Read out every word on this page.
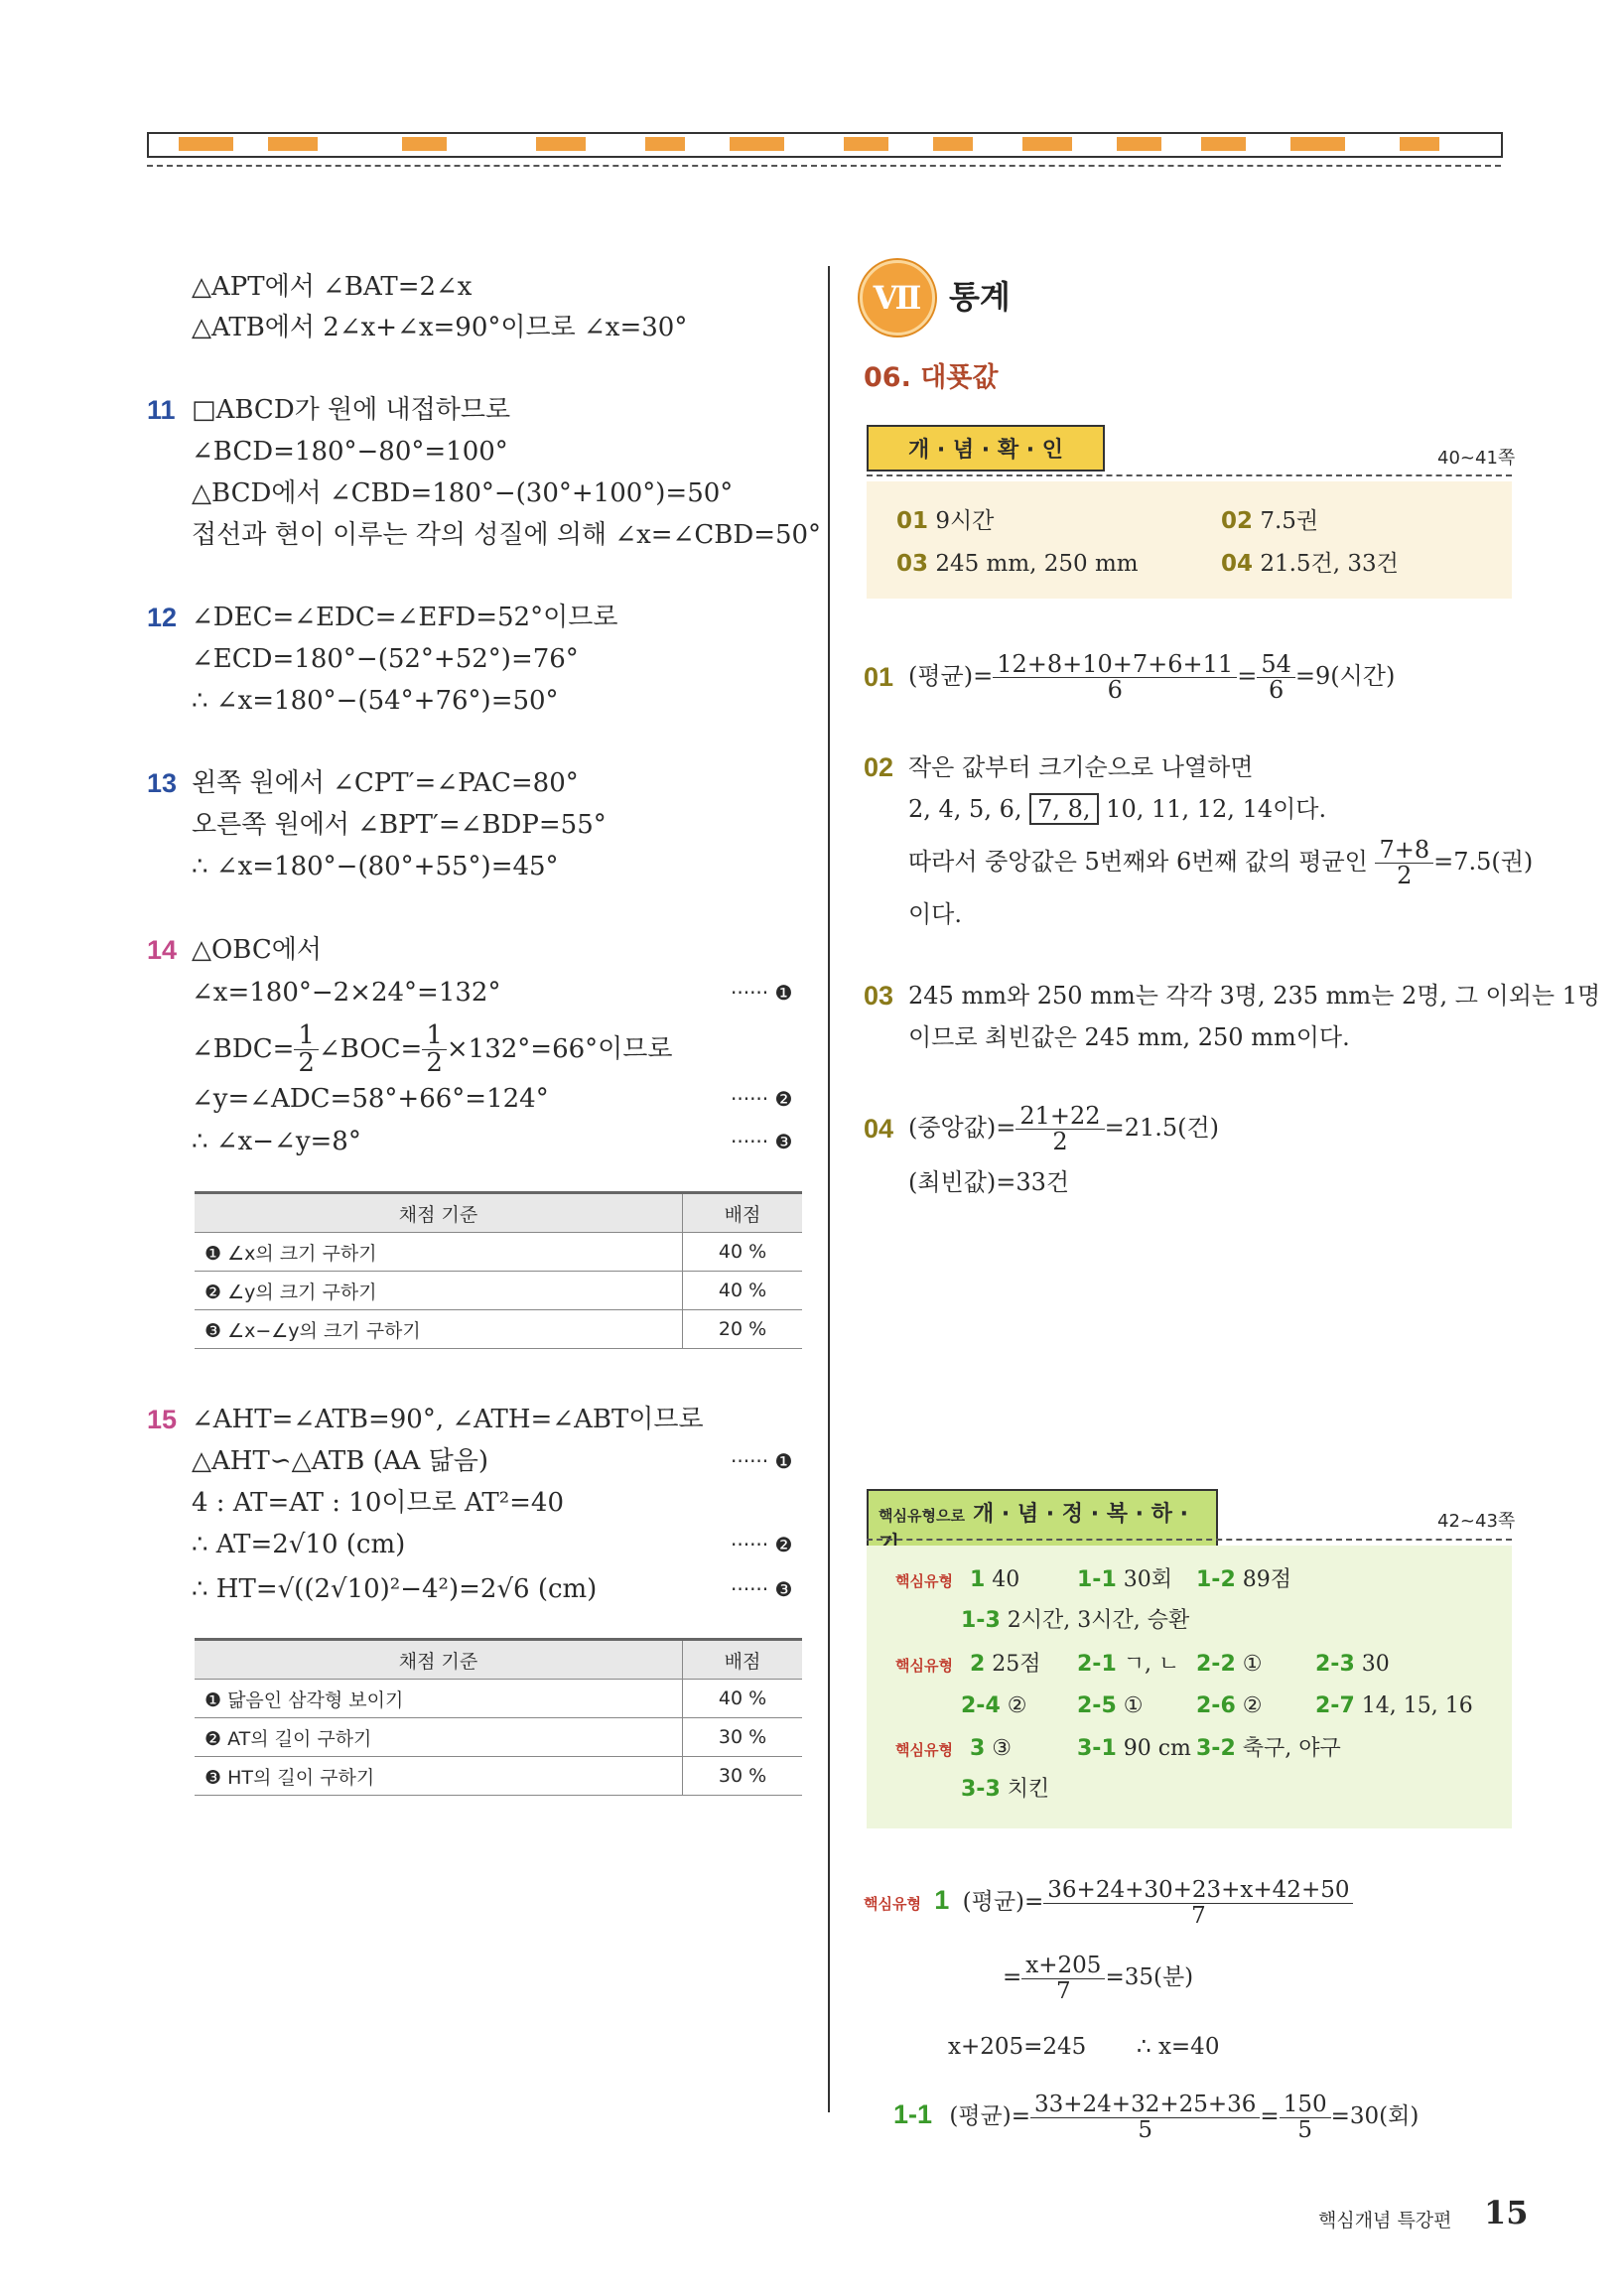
△APT에서 ∠BAT=2∠x
△ATB에서 2∠x+∠x=90°이므로 ∠x=30°
11 □ABCD가 원에 내접하므로
∠BCD=180°−80°=100°
△BCD에서 ∠CBD=180°−(30°+100°)=50°
접선과 현이 이루는 각의 성질에 의해 ∠x=∠CBD=50°
12 ∠DEC=∠EDC=∠EFD=52°이므로
∠ECD=180°−(52°+52°)=76°
∴ ∠x=180°−(54°+76°)=50°
13 왼쪽 원에서 ∠CPT′=∠PAC=80°
오른쪽 원에서 ∠BPT′=∠BDP=55°
∴ ∠x=180°−(80°+55°)=45°
14 △OBC에서
∠x=180°−2×24°=132°	······ ❶
∠BDC= $\frac{1}{2}$ ∠BOC= $\frac{1}{2} \times 132^\circ=66^\circ$이므로
∠y=∠ADC=58°+66°=124°	······ ❷
∴ ∠x−∠y=8°	······ ❸
채점 기준	배점
❶ ∠x의 크기 구하기	40 %
❷ ∠y의 크기 구하기	40 %
❸ ∠x−∠y의 크기 구하기	20 %
15 ∠AHT=∠ATB=90°, ∠ATH=∠ABT이므로
△AHT∽△ATB (AA 닮음)	······ ❶
4 : AT=AT : 10이므로 AT²=40
∴ AT=2√10 (cm)	······ ❷
∴ HT=√((2√10)²−4²)=2√6 (cm)	······ ❸
채점 기준	배점
❶ 닮음인 삼각형 보이기	40 %
❷ AT의 길이 구하기	30 %
❸ HT의 길이 구하기	30 %
Ⅶ 통계
06. 대푯값
개 · 념 · 확 · 인	40~41쪽
01 9시간	02 7.5권
03 245 mm, 250 mm	04 21.5건, 33건
01 (평균)= $\frac{12+8+10+7+6+11}{6} = \frac{54}{6} =9$(시간)
02 작은 값부터 크기순으로 나열하면
2, 4, 5, 6, 7, 8, 10, 11, 12, 14이다.
따라서 중앙값은 5번째와 6번째 값의 평균인 $\frac{7+8}{2} =7.5$(권)
이다.
03 245 mm와 250 mm는 각각 3명, 235 mm는 2명, 그 이외는 1명
이므로 최빈값은 245 mm, 250 mm이다.
04 (중앙값)= $\frac{21+22}{2} =21.5$(건)
(최빈값)=33건
핵심유형으로 개 · 념 · 정 · 복 · 하 ·	42~43쪽
핵심유형 1 40	1-1 30회 1-2 89점
1-3 2시간, 3시간, 승환
핵심유형 2 25점 2-1 ㄱ, ㄴ 2-2 ① 2-3 30
2-4 ② 2-5 ① 2-6 ② 2-7 14, 15, 16
핵심유형 3 ③	3-1 90 cm 3-2 축구, 야구
3-3 치킨
핵심유형 1 (평균)= $\frac{36+24+30+23+x+42+50}{7}$
= $\frac{x+205}{7} =35$(분)
x+205=245 ∴ x=40
1-1 (평균)= $\frac{33+24+32+25+36}{5} = \frac{150}{5} =30$(회)
핵심개념 특강편 15
